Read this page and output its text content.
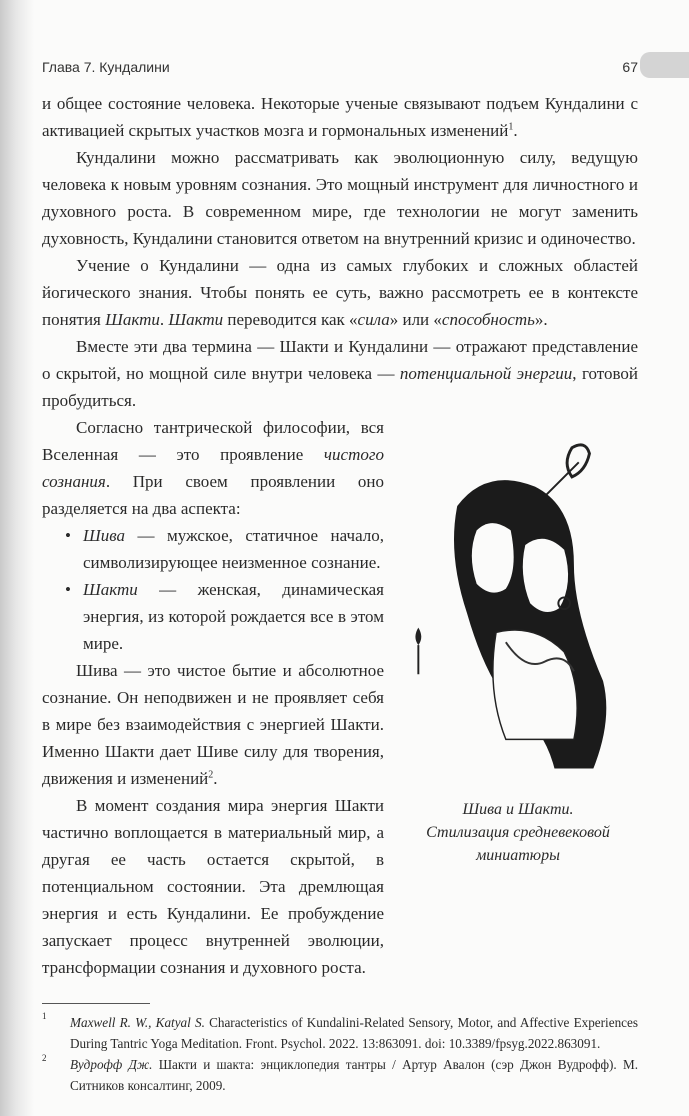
Глава 7. Кундалини	67

и общее состояние человека. Некоторые ученые связывают подъем Кундалини с активацией скрытых участков мозга и гормональных изменений$^1$.

Кундалини можно рассматривать как эволюционную силу, ведущую человека к новым уровням сознания. Это мощный инструмент для личностного и духовного роста. В современном мире, где технологии не могут заменить духовность, Кундалини становится ответом на внутренний кризис и одиночество.

Учение о Кундалини — одна из самых глубоких и сложных областей йогического знания. Чтобы понять ее суть, важно рассмотреть ее в контексте понятия Шакти. Шакти переводится как «сила» или «способность».

Вместе эти два термина — Шакти и Кундалини — отражают представление о скрытой, но мощной силе внутри человека — потенциальной энергии, готовой пробудиться.

Согласно тантрической философии, вся Вселенная — это проявление чистого сознания. При своем проявлении оно разделяется на два аспекта:

• Шива — мужское, статичное начало, символизирующее неизменное сознание.
• Шакти — женская, динамическая энергия, из которой рождается все в этом мире.

Шива — это чистое бытие и абсолютное сознание. Он неподвижен и не проявляет себя в мире без взаимодействия с энергией Шакти. Именно Шакти дает Шиве силу для творения, движения и изменений$^2$.

В момент создания мира энергия Шакти частично воплощается в материальный мир, а другая ее часть остается скрытой, в потенциальном состоянии. Эта дремлющая энергия и есть Кундалини. Ее пробуждение запускает процесс внутренней эволюции, трансформации сознания и духовного роста.

Шива и Шакти.
Стилизация средневековой
миниатюры
1 Maxwell R. W., Katyal S. Characteristics of Kundalini-Related Sensory, Motor, and Affective Experiences During Tantric Yoga Meditation. Front. Psychol. 2022. 13:863091. doi: 10.3389/fpsyg.2022.863091.
2 Вудрофф Дж. Шакти и шакта: энциклопедия тантры / Артур Авалон (сэр Джон Вудрофф). М. Ситников консалтинг, 2009.
